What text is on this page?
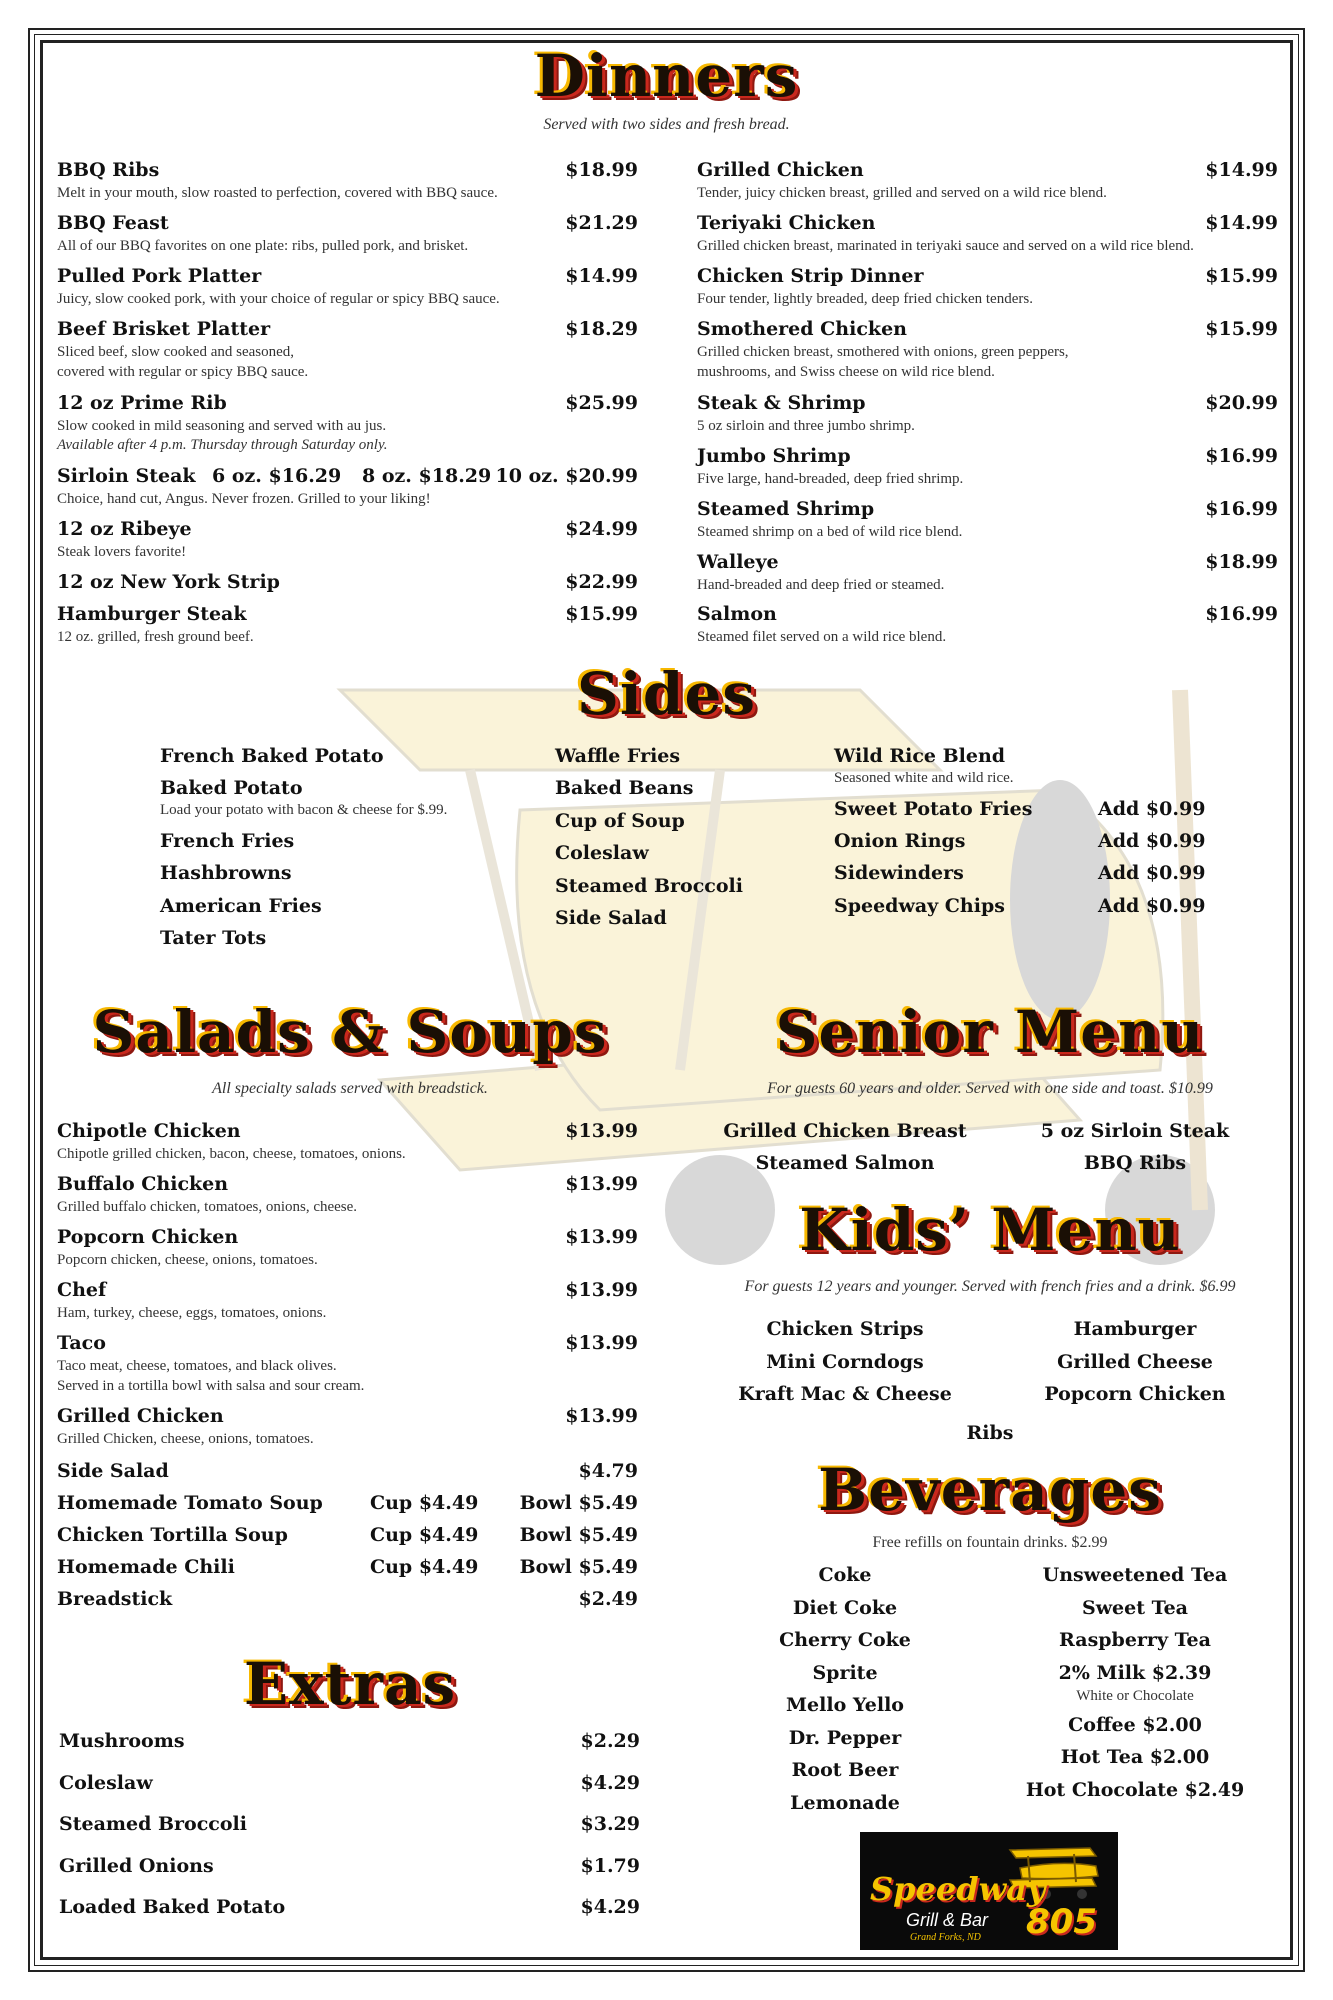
Dinners
Served with two sides and fresh bread.
BBQ Ribs	$18.99
Melt in your mouth, slow roasted to perfection, covered with BBQ sauce.
BBQ Feast	$21.29
All of our BBQ favorites on one plate: ribs, pulled pork, and brisket.
Pulled Pork Platter	$14.99
Juicy, slow cooked pork, with your choice of regular or spicy BBQ sauce.
Beef Brisket Platter	$18.29
Sliced beef, slow cooked and seasoned,
covered with regular or spicy BBQ sauce.
12 oz Prime Rib	$25.99
Slow cooked in mild seasoning and served with au jus.
Available after 4 p.m. Thursday through Saturday only.
Sirloin Steak 6 oz. $16.29 8 oz. $18.29 10 oz. $20.99
Choice, hand cut, Angus. Never frozen. Grilled to your liking!
12 oz Ribeye	$24.99
Steak lovers favorite!
12 oz New York Strip	$22.99
Hamburger Steak	$15.99
12 oz. grilled, fresh ground beef.
Grilled Chicken	$14.99
Tender, juicy chicken breast, grilled and served on a wild rice blend.
Teriyaki Chicken	$14.99
Grilled chicken breast, marinated in teriyaki sauce and served on a wild rice blend.
Chicken Strip Dinner	$15.99
Four tender, lightly breaded, deep fried chicken tenders.
Smothered Chicken	$15.99
Grilled chicken breast, smothered with onions, green peppers,
mushrooms, and Swiss cheese on wild rice blend.
Steak & Shrimp	$20.99
5 oz sirloin and three jumbo shrimp.
Jumbo Shrimp	$16.99
Five large, hand-breaded, deep fried shrimp.
Steamed Shrimp	$16.99
Steamed shrimp on a bed of wild rice blend.
Walleye	$18.99
Hand-breaded and deep fried or steamed.
Salmon	$16.99
Steamed filet served on a wild rice blend.
Sides
French Baked Potato
Baked Potato
Load your potato with bacon & cheese for $.99.
French Fries
Hashbrowns
American Fries
Tater Tots
Waffle Fries
Baked Beans
Cup of Soup
Coleslaw
Steamed Broccoli
Side Salad
Wild Rice Blend
Seasoned white and wild rice.
Sweet Potato Fries	Add $0.99
Onion Rings	Add $0.99
Sidewinders	Add $0.99
Speedway Chips	Add $0.99
Salads & Soups
All specialty salads served with breadstick.
Chipotle Chicken	$13.99
Chipotle grilled chicken, bacon, cheese, tomatoes, onions.
Buffalo Chicken	$13.99
Grilled buffalo chicken, tomatoes, onions, cheese.
Popcorn Chicken	$13.99
Popcorn chicken, cheese, onions, tomatoes.
Chef	$13.99
Ham, turkey, cheese, eggs, tomatoes, onions.
Taco	$13.99
Taco meat, cheese, tomatoes, and black olives.
Served in a tortilla bowl with salsa and sour cream.
Grilled Chicken	$13.99
Grilled Chicken, cheese, onions, tomatoes.
Side Salad	$4.79
Homemade Tomato Soup Cup $4.49	Bowl $5.49
Chicken Tortilla Soup	Cup $4.49	Bowl $5.49
Homemade Chili	Cup $4.49	Bowl $5.49
Breadstick	$2.49
Extras
Mushrooms	$2.29
Coleslaw	$4.29
Steamed Broccoli	$3.29
Grilled Onions	$1.79
Loaded Baked Potato	$4.29
Senior Menu
For guests 60 years and older. Served with one side and toast. $10.99
Grilled Chicken Breast	5 oz Sirloin Steak
Steamed Salmon	BBQ Ribs
Kids’ Menu
For guests 12 years and younger. Served with french fries and a drink. $6.99
Chicken Strips	Hamburger
Mini Corndogs	Grilled Cheese
Kraft Mac & Cheese	Popcorn Chicken
Ribs
Beverages
Free refills on fountain drinks. $2.99
Coke
Diet Coke
Cherry Coke
Sprite
Mello Yello
Dr. Pepper
Root Beer
Lemonade
Unsweetened Tea
Sweet Tea
Raspberry Tea
2% Milk $2.39
White or Chocolate
Coffee $2.00
Hot Tea $2.00
Hot Chocolate $2.49
Speedway
Grill & Bar 805
Grand Forks, ND
